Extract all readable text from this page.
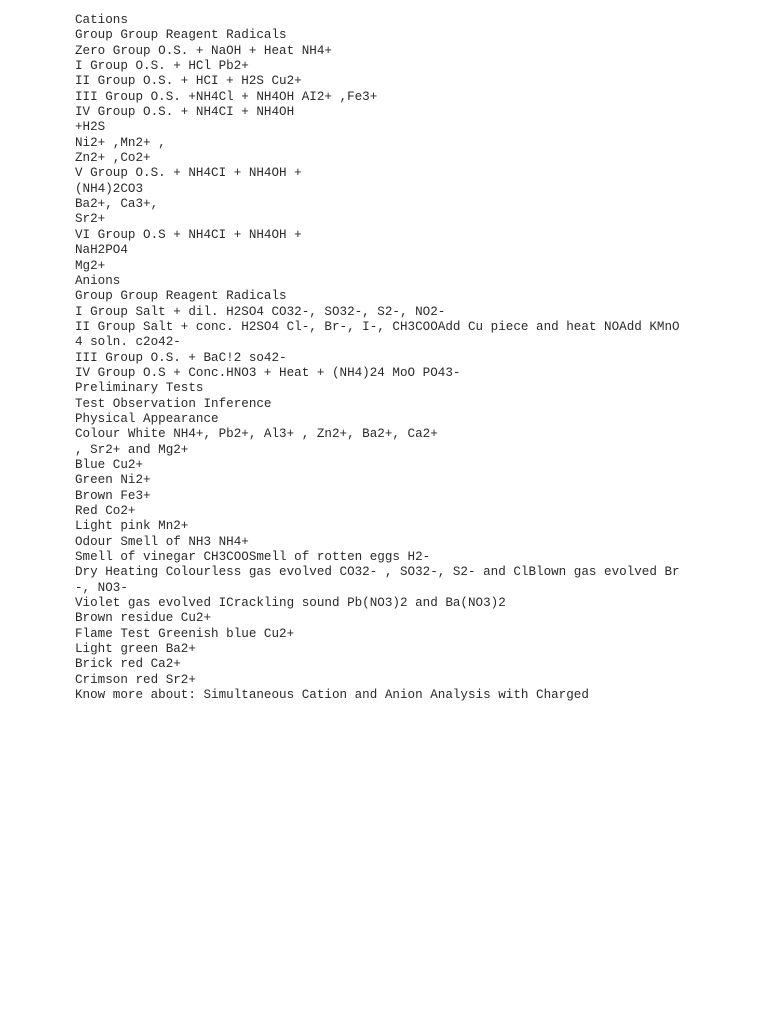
Cations
Group Group Reagent Radicals
Zero Group O.S. + NaOH + Heat NH4+
I Group O.S. + HCl Pb2+
II Group O.S. + HCI + H2S Cu2+
III Group O.S. +NH4Cl + NH4OH AI2+ ,Fe3+
IV Group O.S. + NH4CI + NH4OH
+H2S
Ni2+ ,Mn2+ ,
Zn2+ ,Co2+
V Group O.S. + NH4CI + NH4OH +
(NH4)2CO3
Ba2+, Ca3+,
Sr2+
VI Group O.S + NH4CI + NH4OH +
NaH2PO4
Mg2+
Anions
Group Group Reagent Radicals
I Group Salt + dil. H2SO4 CO32-, SO32-, S2-, NO2-
II Group Salt + conc. H2SO4 Cl-, Br-, I-, CH3COOAdd Cu piece and heat NOAdd KMnO
4 soln. c2o42-
III Group O.S. + BaC!2 so42-
IV Group O.S + Conc.HNO3 + Heat + (NH4)24 MoO PO43-
Preliminary Tests
Test Observation Inference
Physical Appearance
Colour White NH4+, Pb2+, Al3+ , Zn2+, Ba2+, Ca2+
, Sr2+ and Mg2+
Blue Cu2+
Green Ni2+
Brown Fe3+
Red Co2+
Light pink Mn2+
Odour Smell of NH3 NH4+
Smell of vinegar CH3COOSmell of rotten eggs H2-
Dry Heating Colourless gas evolved CO32- , SO32-, S2- and ClBlown gas evolved Br
-, NO3-
Violet gas evolved ICrackling sound Pb(NO3)2 and Ba(NO3)2
Brown residue Cu2+
Flame Test Greenish blue Cu2+
Light green Ba2+
Brick red Ca2+
Crimson red Sr2+
Know more about: Simultaneous Cation and Anion Analysis with Charged
